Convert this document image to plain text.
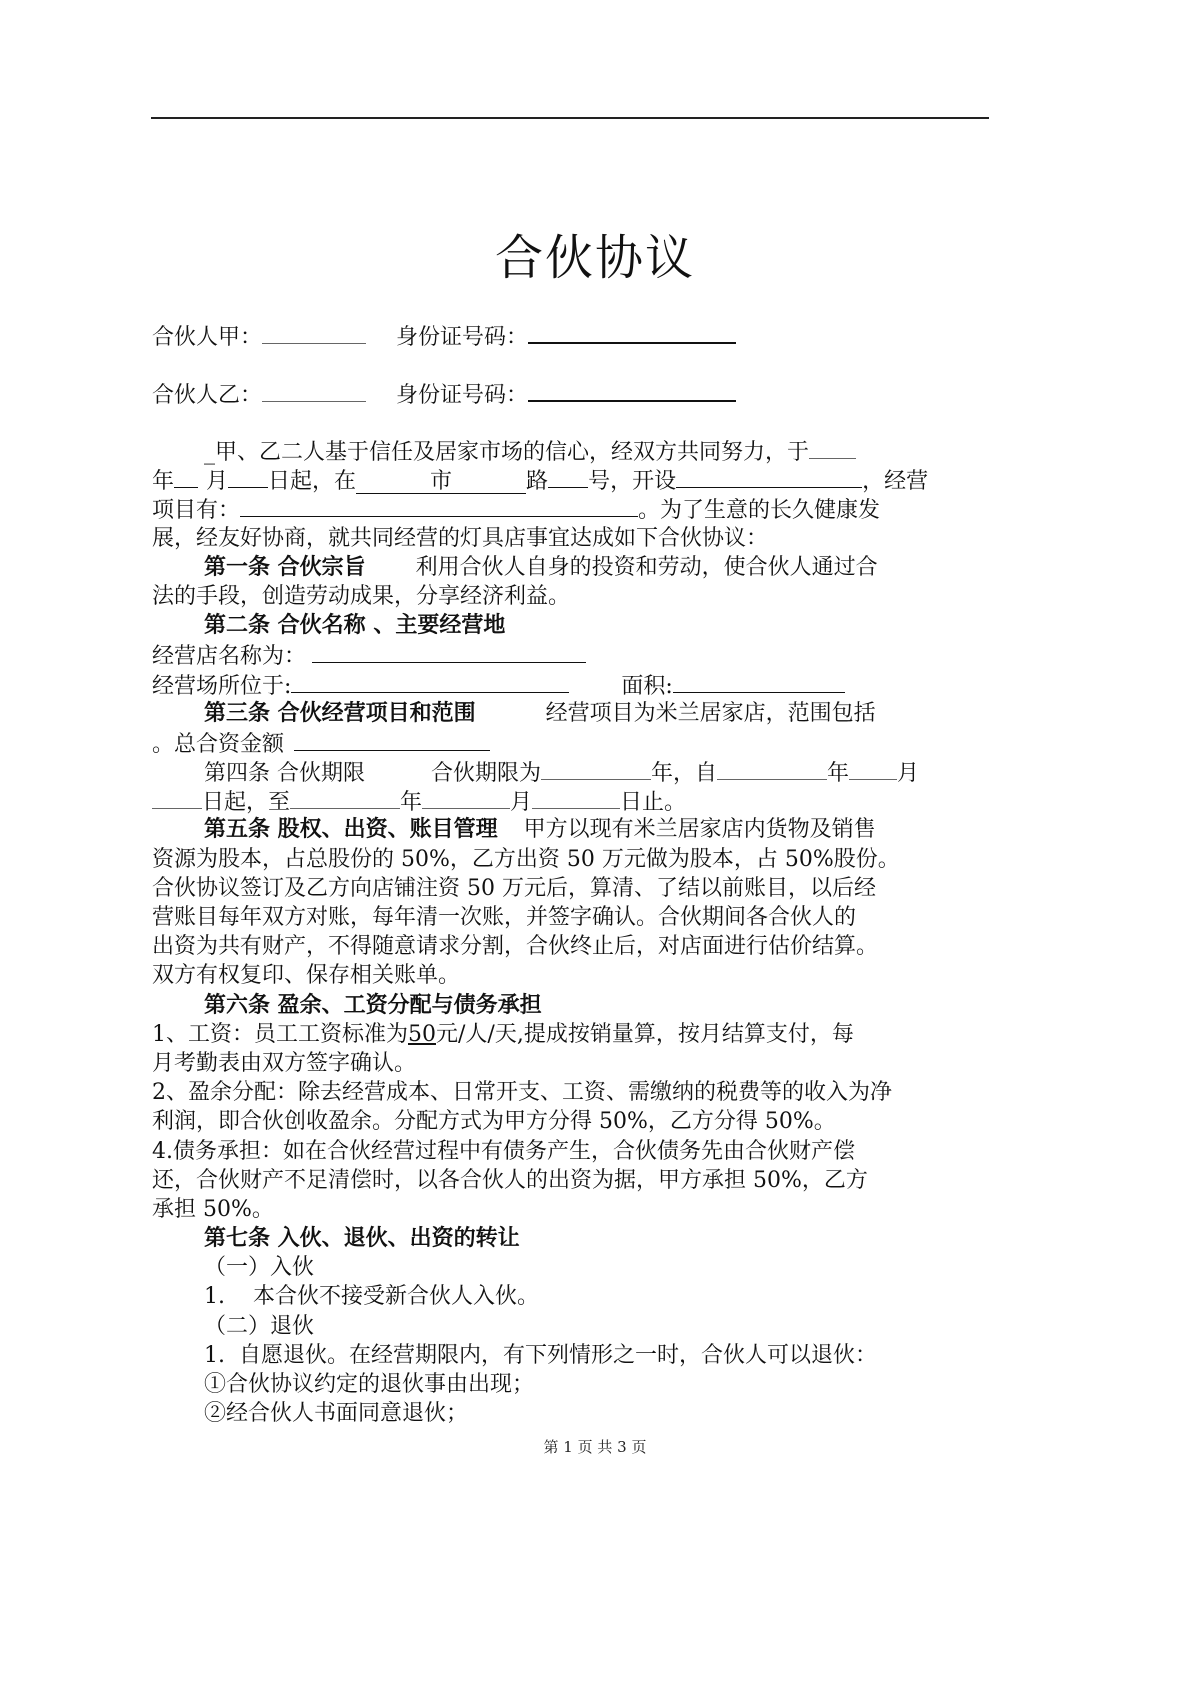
合伙协议
合伙人甲：	身份证号码：
合伙人乙：	身份证号码：
_甲、乙二人基于信任及居家市场的信心，经双方共同努力，于
年 月 日起，在	市	路 号，开设	，经营
项目有：	。为了生意的长久健康发
展，经友好协商，就共同经营的灯具店事宜达成如下合伙协议：
第一条 合伙宗旨 利用合伙人自身的投资和劳动，使合伙人通过合
法的手段，创造劳动成果，分享经济利益。
第二条 合伙名称 、主要经营地
经营店名称为：
经营场所位于:	面积:
第三条 合伙经营项目和范围	经营项目为米兰居家店，范围包括
。总合资金额
第四条 合伙期限	合伙期限为	年，自	年 月
日起，至	年	月	日止。
第五条 股权、出资、账目管理 甲方以现有米兰居家店内货物及销售
资源为股本，占总股份的 50%，乙方出资 50 万元做为股本，占 50%股份。
合伙协议签订及乙方向店铺注资 50 万元后，算清、了结以前账目，以后经
营账目每年双方对账，每年清一次账，并签字确认。合伙期间各合伙人的
出资为共有财产，不得随意请求分割，合伙终止后，对店面进行估价结算。
双方有权复印、保存相关账单。
第六条 盈余、工资分配与债务承担
1、工资：员工工资标准为50元/人/天,提成按销量算，按月结算支付，每
月考勤表由双方签字确认。
2、盈余分配：除去经营成本、日常开支、工资、需缴纳的税费等的收入为净
利润，即合伙创收盈余。分配方式为甲方分得 50%，乙方分得 50%。
4.债务承担：如在合伙经营过程中有债务产生，合伙债务先由合伙财产偿
还，合伙财产不足清偿时，以各合伙人的出资为据，甲方承担 50%，乙方
承担 50%。
第七条 入伙、退伙、出资的转让
（一）入伙
1.    本合伙不接受新合伙人入伙。
（二）退伙
1.  自愿退伙。在经营期限内，有下列情形之一时，合伙人可以退伙：
①合伙协议约定的退伙事由出现；
②经合伙人书面同意退伙；
第 1 页 共 3 页
